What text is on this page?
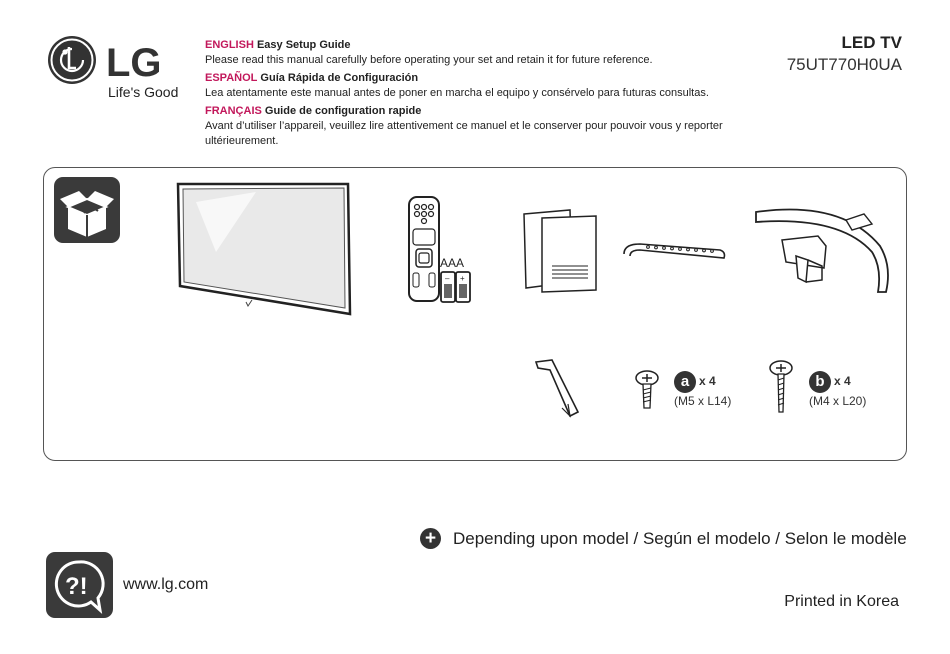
LG
Life's Good
ENGLISH Easy Setup Guide
Please read this manual carefully before operating your set and retain it for future reference.
ESPAÑOL Guía Rápida de Configuración
Lea atentamente este manual antes de poner en marcha el equipo y consérvelo para futuras consultas.
FRANÇAIS Guide de configuration rapide
Avant d’utiliser l’appareil, veuillez lire attentivement ce manuel et le conserver pour pouvoir vous y reporter ultérieurement.
LED TV
75UT770H0UA
AAA
– +
a x 4
(M5 x L14)
b x 4
(M4 x L20)
+ Depending upon model / Según el modelo / Selon le modèle
?! www.lg.com
Printed in Korea
